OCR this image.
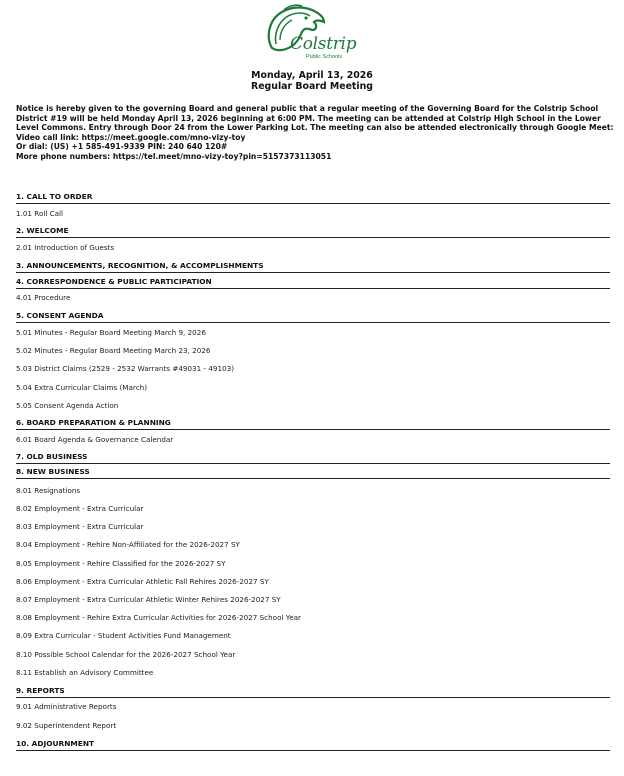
Colstrip
Public Schools
Monday, April 13, 2026
Regular Board Meeting
Notice is hereby given to the governing Board and general public that a regular meeting of the Governing Board for the Colstrip School District #19 will be held Monday April 13, 2026 beginning at 6:00 PM. The meeting can be attended at Colstrip High School in the Lower Level Commons. Entry through Door 24 from the Lower Parking Lot. The meeting can also be attended electronically through Google Meet:
Video call link: https://meet.google.com/mno-vizy-toy
Or dial: (US) +1 585-491-9339 PIN: 240 640 120#
More phone numbers: https://tel.meet/mno-vizy-toy?pin=5157373113051
1. CALL TO ORDER
1.01 Roll Call
2. WELCOME
2.01 Introduction of Guests
3. ANNOUNCEMENTS, RECOGNITION, & ACCOMPLISHMENTS
4. CORRESPONDENCE & PUBLIC PARTICIPATION
4.01 Procedure
5. CONSENT AGENDA
5.01 Minutes - Regular Board Meeting March 9, 2026
5.02 Minutes - Regular Board Meeting March 23, 2026
5.03 District Claims (2529 - 2532 Warrants #49031 - 49103)
5.04 Extra Curricular Claims (March)
5.05 Consent Agenda Action
6. BOARD PREPARATION & PLANNING
6.01 Board Agenda & Governance Calendar
7. OLD BUSINESS
8. NEW BUSINESS
8.01 Resignations
8.02 Employment - Extra Curricular
8.03 Employment - Extra Curricular
8.04 Employment - Rehire Non-Affiliated for the 2026-2027 SY
8.05 Employment - Rehire Classified for the 2026-2027 SY
8.06 Employment - Extra Curricular Athletic Fall Rehires 2026-2027 SY
8.07 Employment - Extra Curricular Athletic Winter Rehires 2026-2027 SY
8.08 Employment - Rehire Extra Curricular Activities for 2026-2027 School Year
8.09 Extra Curricular - Student Activities Fund Management
8.10 Possible School Calendar for the 2026-2027 School Year
8.11 Establish an Advisory Committee
9. REPORTS
9.01 Administrative Reports
9.02 Superintendent Report
10. ADJOURNMENT
